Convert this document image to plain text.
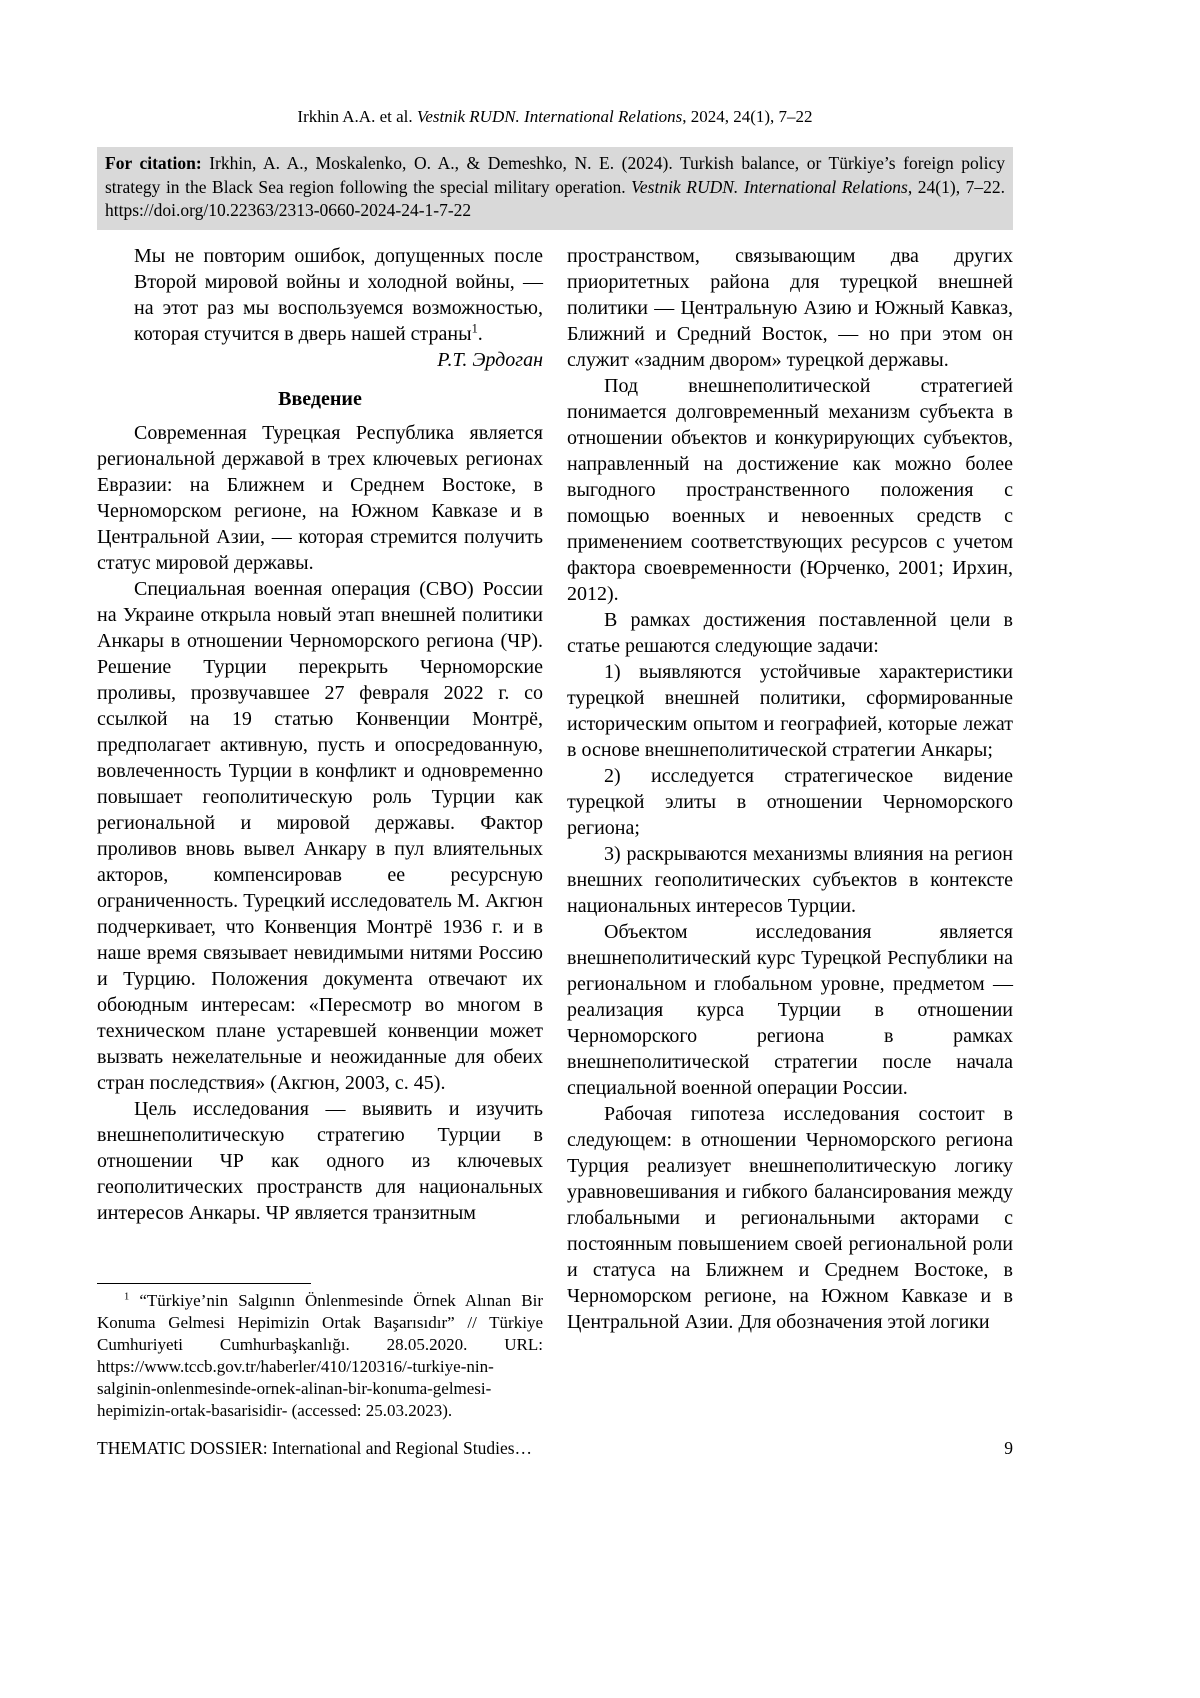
Irkhin A.A. et al. Vestnik RUDN. International Relations, 2024, 24(1), 7–22
For citation: Irkhin, A. A., Moskalenko, O. A., & Demeshko, N. E. (2024). Turkish balance, or Türkiye’s foreign policy strategy in the Black Sea region following the special military operation. Vestnik RUDN. International Relations, 24(1), 7–22. https://doi.org/10.22363/2313-0660-2024-24-1-7-22
Мы не повторим ошибок, допущенных после Второй мировой войны и холодной войны, — на этот раз мы воспользуемся возможностью, которая стучится в дверь нашей страны$^1$.
Р.Т. Эрдоган
Введение

Современная Турецкая Республика является региональной державой в трех ключевых регионах Евразии: на Ближнем и Среднем Востоке, в Черноморском регионе, на Южном Кавказе и в Центральной Азии, — которая стремится получить статус мировой державы.

Специальная военная операция (СВО) России на Украине открыла новый этап внешней политики Анкары в отношении Черноморского региона (ЧР). Решение Турции перекрыть Черноморские проливы, прозвучавшее 27 февраля 2022 г. со ссылкой на 19 статью Конвенции Монтрё, предполагает активную, пусть и опосредованную, вовлеченность Турции в конфликт и одновременно повышает геополитическую роль Турции как региональной и мировой державы. Фактор проливов вновь вывел Анкару в пул влиятельных акторов, компенсировав ее ресурсную ограниченность. Турецкий исследователь М. Акгюн подчеркивает, что Конвенция Монтрё 1936 г. и в наше время связывает невидимыми нитями Россию и Турцию. Положения документа отвечают их обоюдным интересам: «Пересмотр во многом в техническом плане устаревшей конвенции может вызвать нежелательные и неожиданные для обеих стран последствия» (Акгюн, 2003, с. 45).

Цель исследования — выявить и изучить внешнеполитическую стратегию Турции в отношении ЧР как одного из ключевых геополитических пространств для национальных интересов Анкары. ЧР является транзитным

пространством, связывающим два других приоритетных района для турецкой внешней политики — Центральную Азию и Южный Кавказ, Ближний и Средний Восток, — но при этом он служит «задним двором» турецкой державы.

Под внешнеполитической стратегией понимается долговременный механизм субъекта в отношении объектов и конкурирующих субъектов, направленный на достижение как можно более выгодного пространственного положения с помощью военных и невоенных средств с применением соответствующих ресурсов с учетом фактора своевременности (Юрченко, 2001; Ирхин, 2012).

В рамках достижения поставленной цели в статье решаются следующие задачи:

1) выявляются устойчивые характеристики турецкой внешней политики, сформированные историческим опытом и географией, которые лежат в основе внешнеполитической стратегии Анкары;

2) исследуется стратегическое видение турецкой элиты в отношении Черноморского региона;

3) раскрываются механизмы влияния на регион внешних геополитических субъектов в контексте национальных интересов Турции.

Объектом исследования является внешнеполитический курс Турецкой Республики на региональном и глобальном уровне, предметом — реализация курса Турции в отношении Черноморского региона в рамках внешнеполитической стратегии после начала специальной военной операции России.

Рабочая гипотеза исследования состоит в следующем: в отношении Черноморского региона Турция реализует внешнеполитическую логику уравновешивания и гибкого балансирования между глобальными и региональными акторами с постоянным повышением своей региональной роли и статуса на Ближнем и Среднем Востоке, в Черноморском регионе, на Южном Кавказе и в Центральной Азии. Для обозначения этой логики

$^1$ “Türkiye’nin Salgının Önlenmesinde Örnek Alınan Bir Konuma Gelmesi Hepimizin Ortak Başarısıdır” // Türkiye Cumhuriyeti Cumhurbaşkanlığı. 28.05.2020. URL: https://www.tccb.gov.tr/haberler/410/120316/-turkiye-nin-salginin-onlenmesinde-ornek-alinan-bir-konuma-gelmesi-hepimizin-ortak-basarisidir- (accessed: 25.03.2023).
THEMATIC DOSSIER: International and Regional Studies…	9
